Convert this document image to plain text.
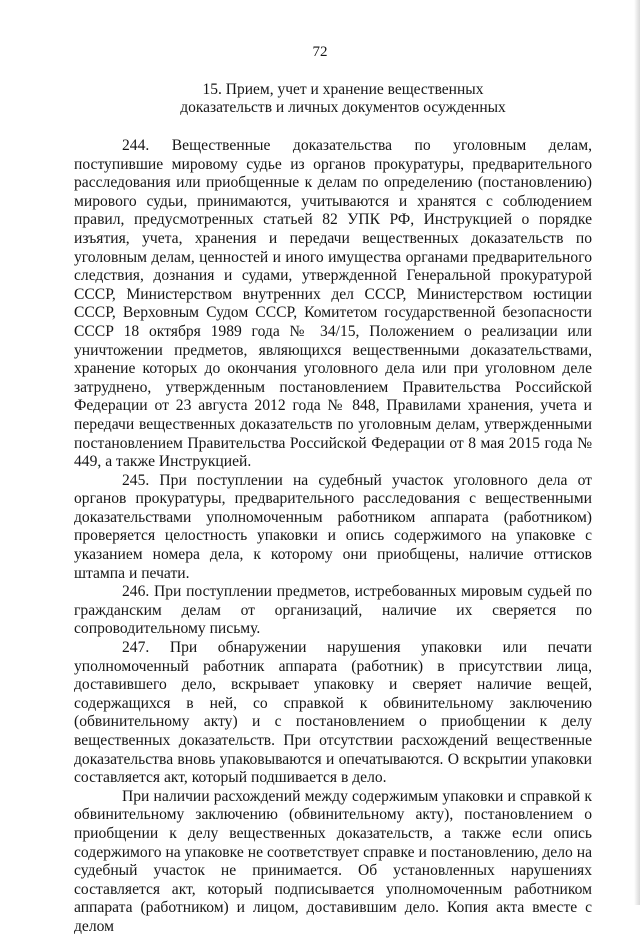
72
15. Прием, учет и хранение вещественных
доказательств и личных документов осужденных

244. Вещественные доказательства по уголовным делам, поступившие мировому судье из органов прокуратуры, предварительного расследования или приобщенные к делам по определению (постановлению) мирового судьи, принимаются, учитываются и хранятся с соблюдением правил, предусмотренных статьей 82 УПК РФ, Инструкцией о порядке изъятия, учета, хранения и передачи вещественных доказательств по уголовным делам, ценностей и иного имущества органами предварительного следствия, дознания и судами, утвержденной Генеральной прокуратурой СССР, Министерством внутренних дел СССР, Министерством юстиции СССР, Верховным Судом СССР, Комитетом государственной безопасности СССР 18 октября 1989 года № 34/15, Положением о реализации или уничтожении предметов, являющихся вещественными доказательствами, хранение которых до окончания уголовного дела или при уголовном деле затруднено, утвержденным постановлением Правительства Российской Федерации от 23 августа 2012 года № 848, Правилами хранения, учета и передачи вещественных доказательств по уголовным делам, утвержденными постановлением Правительства Российской Федерации от 8 мая 2015 года № 449, а также Инструкцией.

245. При поступлении на судебный участок уголовного дела от органов прокуратуры, предварительного расследования с вещественными доказательствами уполномоченным работником аппарата (работником) проверяется целостность упаковки и опись содержимого на упаковке с указанием номера дела, к которому они приобщены, наличие оттисков штампа и печати.

246. При поступлении предметов, истребованных мировым судьей по гражданским делам от организаций, наличие их сверяется по сопроводительному письму.

247. При обнаружении нарушения упаковки или печати уполномоченный работник аппарата (работник) в присутствии лица, доставившего дело, вскрывает упаковку и сверяет наличие вещей, содержащихся в ней, со справкой к обвинительному заключению (обвинительному акту) и с постановлением о приобщении к делу вещественных доказательств. При отсутствии расхождений вещественные доказательства вновь упаковываются и опечатываются. О вскрытии упаковки составляется акт, который подшивается в дело.

При наличии расхождений между содержимым упаковки и справкой к обвинительному заключению (обвинительному акту), постановлением о приобщении к делу вещественных доказательств, а также если опись содержимого на упаковке не соответствует справке и постановлению, дело на судебный участок не принимается. Об установленных нарушениях составляется акт, который подписывается уполномоченным работником аппарата (работником) и лицом, доставившим дело. Копия акта вместе с делом
